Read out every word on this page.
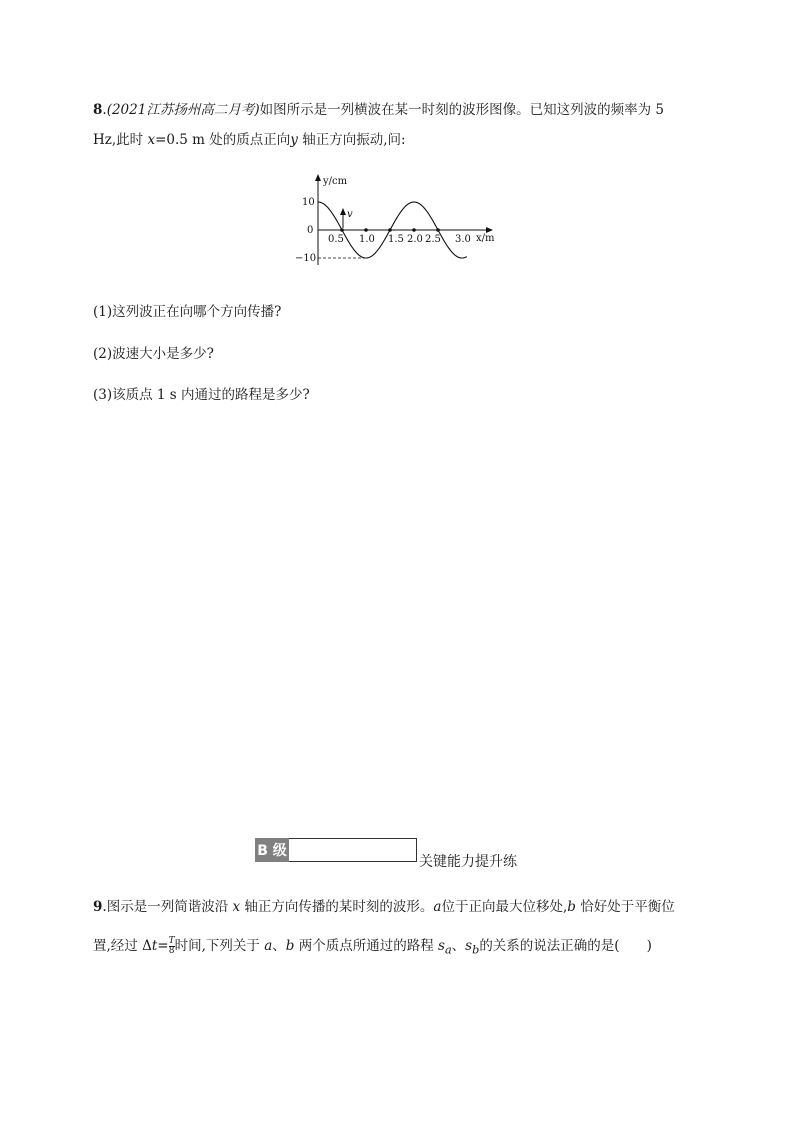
8.(2021江苏扬州高二月考)如图所示是一列横波在某一时刻的波形图像。已知这列波的频率为 5
Hz,此时 x=0.5 m 处的质点正向y 轴正方向振动,问:
y/cm
x/m
10
0
−10
0.5 1.0 1.5 2.0 2.5 3.0
v
(1)这列波正在向哪个方向传播?
(2)波速大小是多少?
(3)该质点 1 s 内通过的路程是多少?
B 级
关键能力提升练
9.图示是一列简谐波沿 x 轴正方向传播的某时刻的波形。a位于正向最大位移处,b 恰好处于平衡位
置,经过 $\Delta t= \frac{T}{8}$ 时间,下列关于 a、b 两个质点所通过的路程 $s_a$、$s_b$的关系的说法正确的是(　　)
